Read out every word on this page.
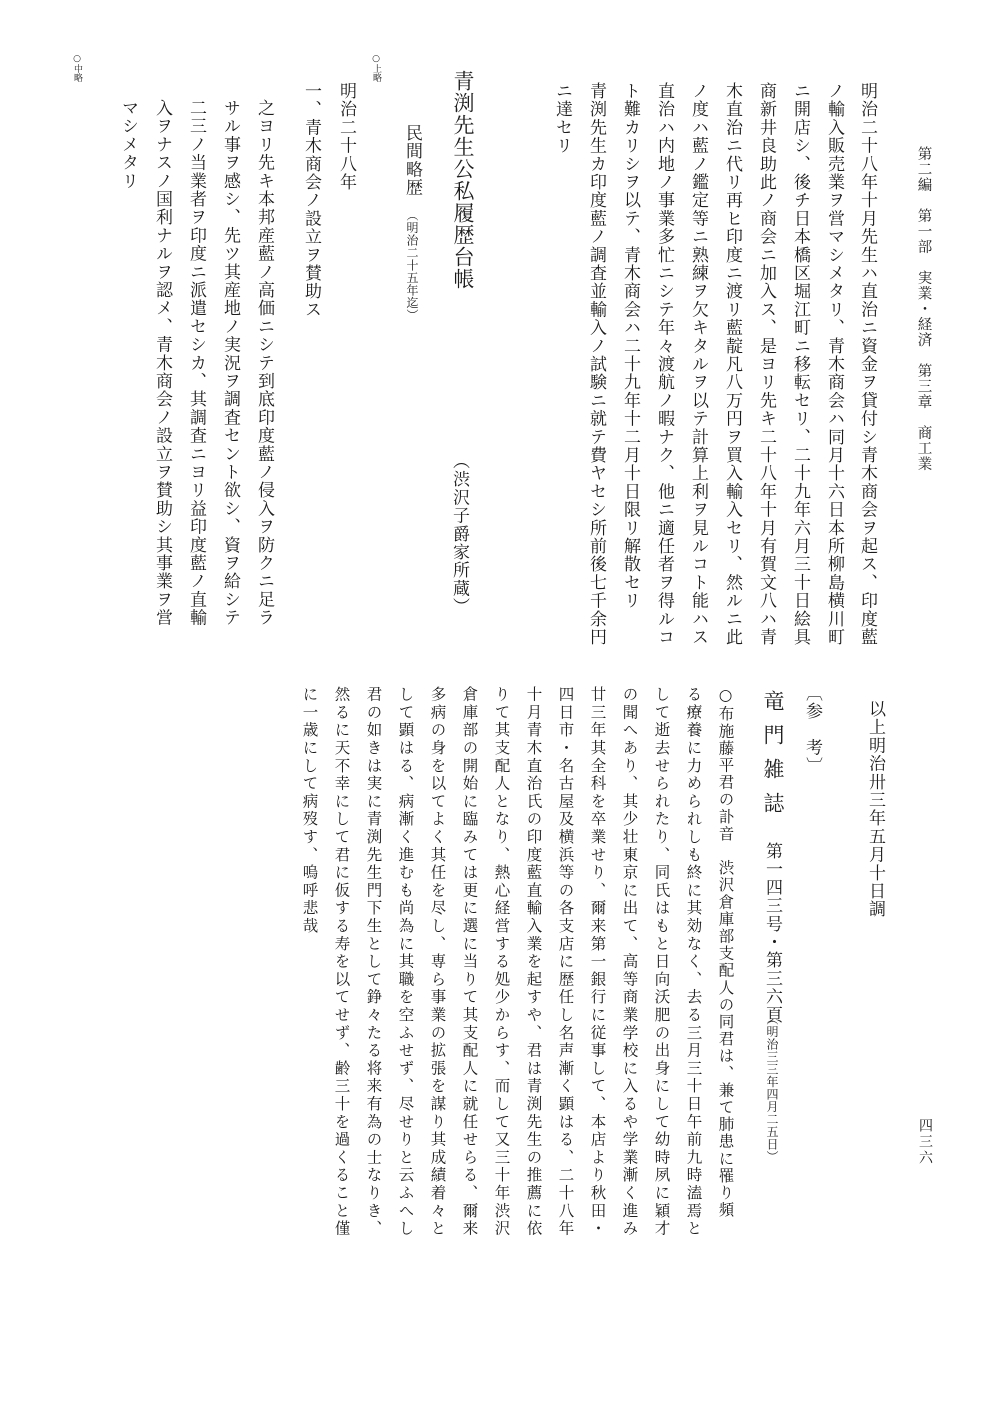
第二編　第一部　実業・経済　第三章　商工業
四三六
明治二十八年十月先生ハ直治ニ資金ヲ貸付シ青木商会ヲ起ス、印度藍
ノ輸入販売業ヲ営マシメタリ、青木商会ハ同月十六日本所柳島横川町
ニ開店シ、後チ日本橋区堀江町ニ移転セリ、二十九年六月三十日絵具
商新井良助此ノ商会ニ加入ス、是ヨリ先キ二十八年十月有賀文八ハ青
木直治ニ代リ再ヒ印度ニ渡リ藍靛凡八万円ヲ買入輸入セリ、然ルニ此
ノ度ハ藍ノ鑑定等ニ熟練ヲ欠キタルヲ以テ計算上利ヲ見ルコト能ハス
直治ハ内地ノ事業多忙ニシテ年々渡航ノ暇ナク、他ニ適任者ヲ得ルコ
ト難カリシヲ以テ、青木商会ハ二十九年十二月十日限リ解散セリ
青渕先生カ印度藍ノ調査並輸入ノ試験ニ就テ費ヤセシ所前後七千余円
ニ達セリ
青渕先生公私履歴台帳
（渋沢子爵家所蔵）
民間略歴
（明治二十五年迄）
○上略
明治二十八年
一、青木商会ノ設立ヲ賛助ス
之ヨリ先キ本邦産藍ノ高価ニシテ到底印度藍ノ侵入ヲ防クニ足ラ
サル事ヲ感シ、先ツ其産地ノ実況ヲ調査セント欲シ、資ヲ給シテ
二三ノ当業者ヲ印度ニ派遣セシカ、其調査ニヨリ益印度藍ノ直輸
入ヲナスノ国利ナルヲ認メ、青木商会ノ設立ヲ賛助シ其事業ヲ営
マシメタリ
○中略
以上明治卅三年五月十日調
〔参　考〕
竜門雑誌
第一四三号・第三六頁
（明治三三年四月二五日）
○布施藤平君の訃音　渋沢倉庫部支配人の同君は、兼て肺患に罹り頻
る療養に力められしも終に其効なく、去る三月三十日午前九時溘焉と
して逝去せられたり、同氏はもと日向沃肥の出身にして幼時夙に穎才
の聞へあり、其少壮東京に出て、高等商業学校に入るや学業漸く進み
廿三年其全科を卒業せり、爾来第一銀行に従事して、本店より秋田・
四日市・名古屋及横浜等の各支店に歴任し名声漸く顕はる、二十八年
十月青木直治氏の印度藍直輸入業を起すや、君は青渕先生の推薦に依
りて其支配人となり、熱心経営する処少からす、而して又三十年渋沢
倉庫部の開始に臨みては更に選に当りて其支配人に就任せらる、爾来
多病の身を以てよく其任を尽し、専ら事業の拡張を謀り其成績着々と
して顕はる、病漸く進むも尚為に其職を空ふせず、尽せりと云ふへし
君の如きは実に青渕先生門下生として錚々たる将来有為の士なりき、
然るに天不幸にして君に仮する寿を以てせず、齢三十を過くること僅
に一歳にして病歿す、嗚呼悲哉
